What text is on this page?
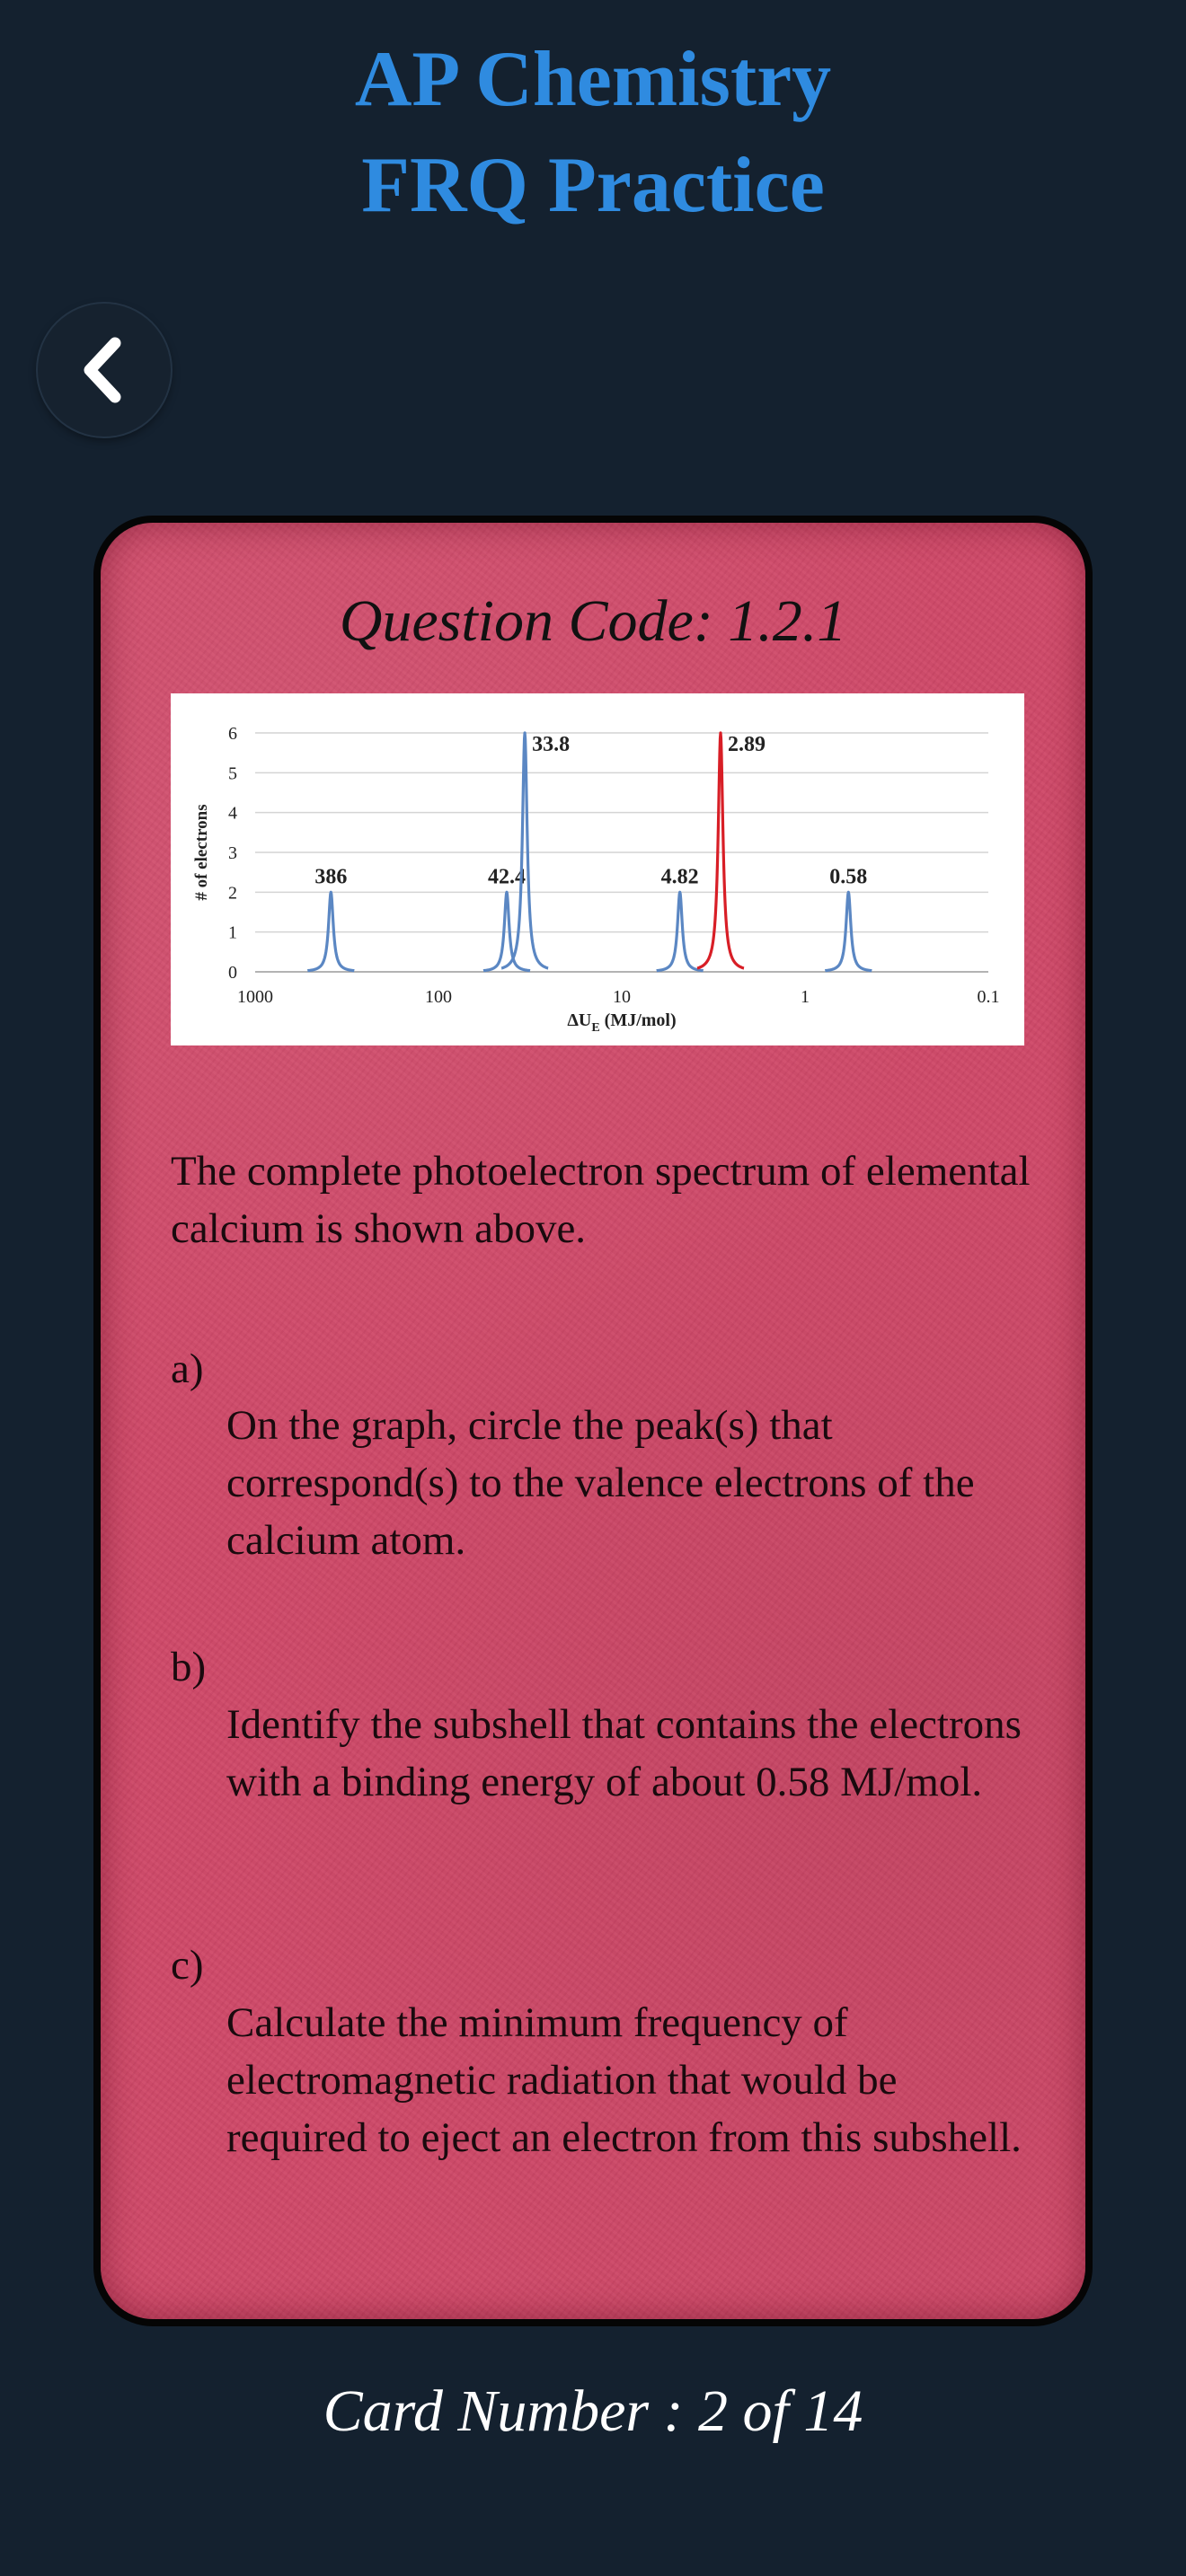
AP Chemistry
FRQ Practice
Question Code: 1.2.1
0
1
2
3
4
5
6
1000	100	10	1	0.1
# of electrons
$\Delta U_E$ (MJ/mol)
386	42.4
33.8
4.82
2.89
0.58
The complete photoelectron spectrum of elemental calcium is shown above.
a)
On the graph, circle the peak(s) that correspond(s) to the valence electrons of the calcium atom.
b)
Identify the subshell that contains the electrons with a binding energy of about 0.58 MJ/mol.
c)
Calculate the minimum frequency of electromagnetic radiation that would be required to eject an electron from this subshell.
Card Number : 2 of 14
